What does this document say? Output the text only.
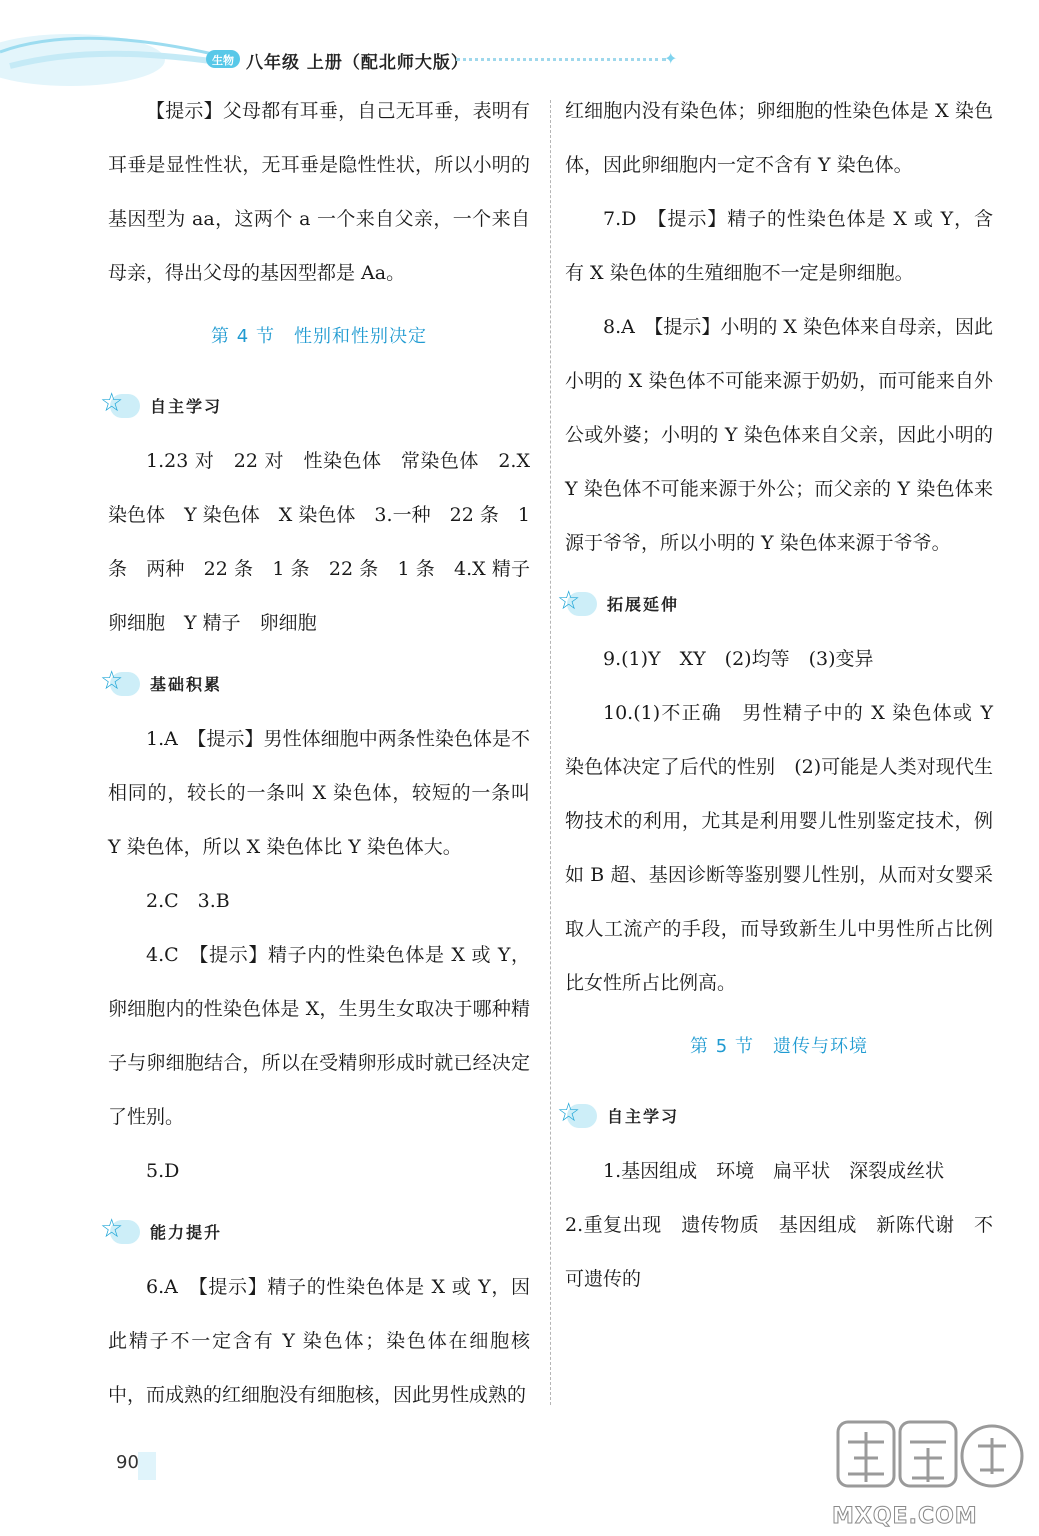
生物 八年级 上册（配北师大版）	✦

【提示】父母都有耳垂，自己无耳垂，表明有耳垂是显性性状，无耳垂是隐性性状，所以小明的基因型为 aa，这两个 a 一个来自父亲，一个来自母亲，得出父母的基因型都是 Aa。

第 4 节　性别和性别决定
☆ 自主学习

1.23 对　22 对　性染色体　常染色体　2.X 染色体　Y 染色体　X 染色体　3.一种　22 条　1 条　两种　22 条　1 条　22 条　1 条　4.X 精子　卵细胞　Y 精子　卵细胞

☆ 基础积累

1.A　【提示】男性体细胞中两条性染色体是不相同的，较长的一条叫 X 染色体，较短的一条叫 Y 染色体，所以 X 染色体比 Y 染色体大。

2.C　3.B

4.C　【提示】精子内的性染色体是 X 或 Y，卵细胞内的性染色体是 X，生男生女取决于哪种精子与卵细胞结合，所以在受精卵形成时就已经决定了性别。

5.D

☆ 能力提升

6.A　【提示】精子的性染色体是 X 或 Y，因此精子不一定含有 Y 染色体；染色体在细胞核中，而成熟的红细胞没有细胞核，因此男性成熟的

红细胞内没有染色体；卵细胞的性染色体是 X 染色体，因此卵细胞内一定不含有 Y 染色体。

7.D　【提示】精子的性染色体是 X 或 Y，含有 X 染色体的生殖细胞不一定是卵细胞。

8.A　【提示】小明的 X 染色体来自母亲，因此小明的 X 染色体不可能来源于奶奶，而可能来自外公或外婆；小明的 Y 染色体来自父亲，因此小明的 Y 染色体不可能来源于外公；而父亲的 Y 染色体来源于爷爷，所以小明的 Y 染色体来源于爷爷。

☆ 拓展延伸

9.(1)Y　XY　(2)均等　(3)变异

10.(1)不正确　男性精子中的 X 染色体或 Y 染色体决定了后代的性别　(2)可能是人类对现代生物技术的利用，尤其是利用婴儿性别鉴定技术，例如 B 超、基因诊断等鉴别婴儿性别，从而对女婴采取人工流产的手段，而导致新生儿中男性所占比例比女性所占比例高。

第 5 节　遗传与环境
☆ 自主学习

1.基因组成　环境　扁平状　深裂成丝状

2.重复出现　遗传物质　基因组成　新陈代谢　不可遗传的

90
MXQE.COM
